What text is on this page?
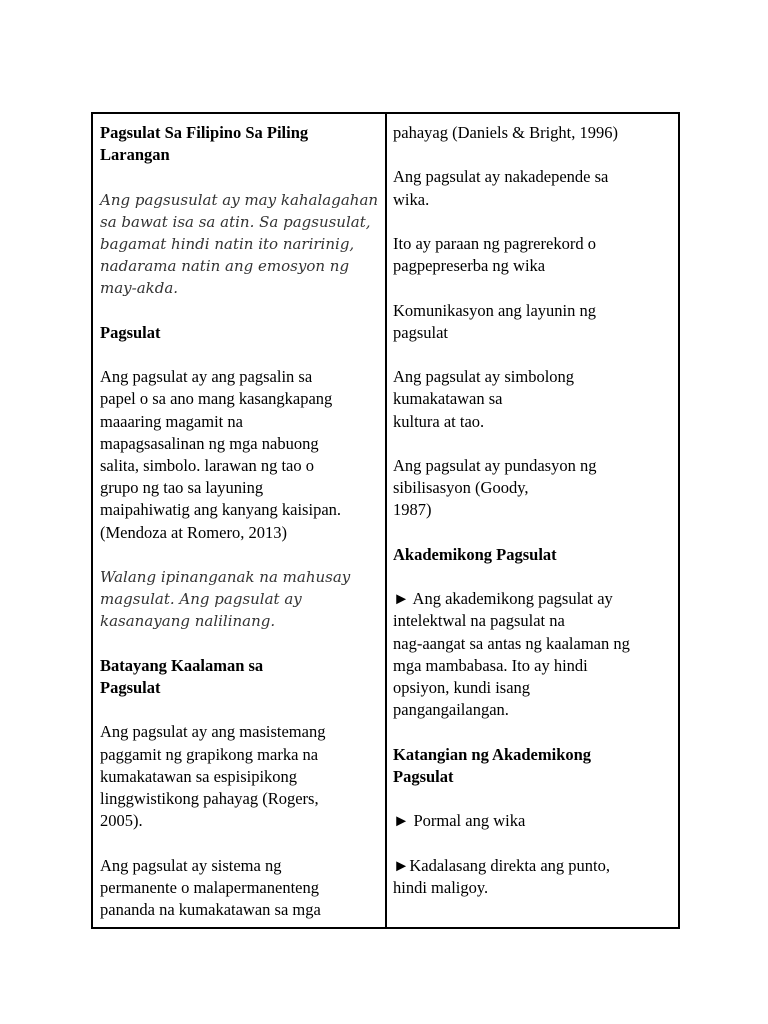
Pagsulat Sa Filipino Sa Piling
Larangan

Ang pagsusulat ay may kahalagahan
sa bawat isa sa atin. Sa pagsusulat,
bagamat hindi natin ito naririnig,
nadarama natin ang emosyon ng
may-akda.

Pagsulat

Ang pagsulat ay ang pagsalin sa
papel o sa ano mang kasangkapang
maaaring magamit na
mapagsasalinan ng mga nabuong
salita, simbolo. larawan ng tao o
grupo ng tao sa layuning
maipahiwatig ang kanyang kaisipan.
(Mendoza at Romero, 2013)

Walang ipinanganak na mahusay
magsulat. Ang pagsulat ay
kasanayang nalilinang.

Batayang Kaalaman sa
Pagsulat

Ang pagsulat ay ang masistemang
paggamit ng grapikong marka na
kumakatawan sa espisipikong
linggwistikong pahayag (Rogers,
2005).

Ang pagsulat ay sistema ng
permanente o malapermanenteng
pananda na kumakatawan sa mga

pahayag (Daniels & Bright, 1996)

Ang pagsulat ay nakadepende sa
wika.

Ito ay paraan ng pagrerekord o
pagpepreserba ng wika

Komunikasyon ang layunin ng
pagsulat

Ang pagsulat ay simbolong
kumakatawan sa
kultura at tao.

Ang pagsulat ay pundasyon ng
sibilisasyon (Goody,
1987)

Akademikong Pagsulat

► Ang akademikong pagsulat ay
intelektwal na pagsulat na
nag-aangat sa antas ng kaalaman ng
mga mambabasa. Ito ay hindi
opsiyon, kundi isang
pangangailangan.

Katangian ng Akademikong
Pagsulat

► Pormal ang wika

►Kadalasang direkta ang punto,
hindi maligoy.
